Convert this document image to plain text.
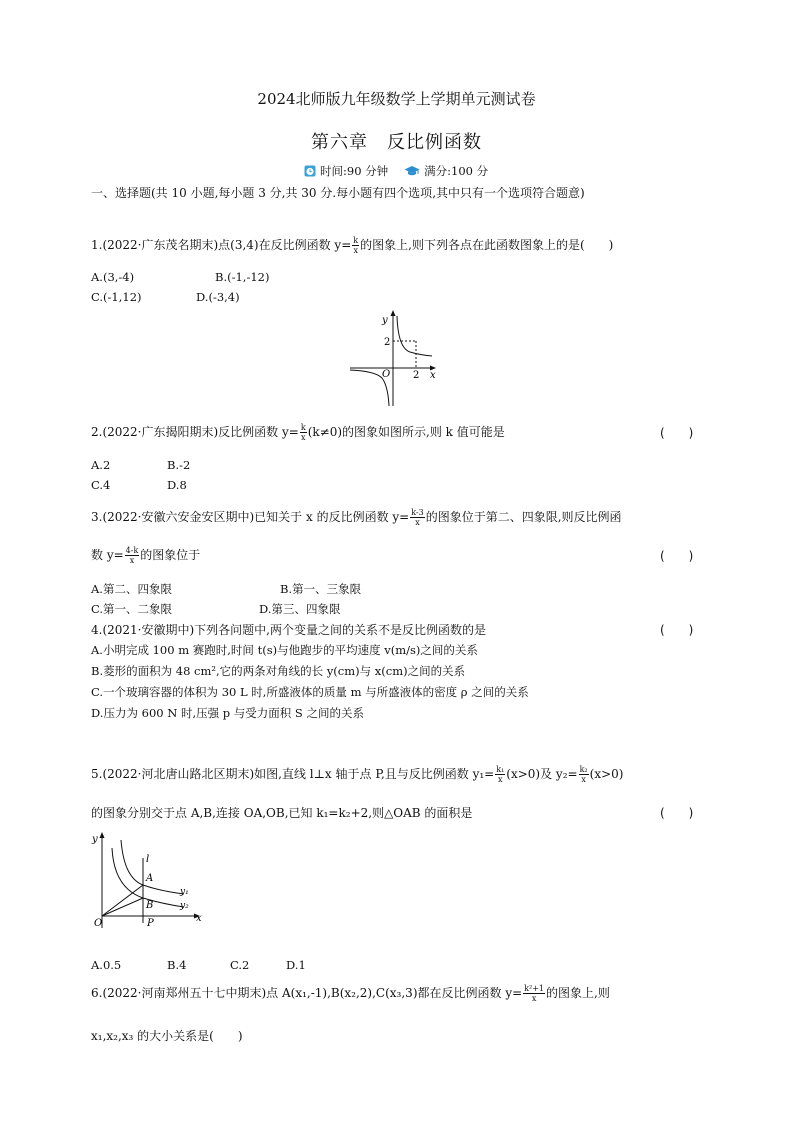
2024北师版九年级数学上学期单元测试卷
第六章　反比例函数
时间:90 分钟	满分:100 分
一、选择题(共 10 小题,每小题 3 分,共 30 分.每小题有四个选项,其中只有一个选项符合题意)
1.(2022·广东茂名期末)点(3,4)在反比例函数 $y= \frac{k}{x}$ 的图象上,则下列各点在此函数图象上的是(　　)
A.(3,-4)	B.(-1,-12)
C.(-1,12)	D.(-3,4)
y
2
O 2 x
2.(2022·广东揭阳期末)反比例函数 $y= \frac{k}{x} (k\ne 0)$的图象如图所示,则 k 值可能是	(　　)
A.2	B.-2
C.4	D.8
3.(2022·安徽六安金安区期中)已知关于 x 的反比例函数 $y= \frac{k-3}{x}$ 的图象位于第二、四象限,则反比例函
数 $y= \frac{4-k}{x}$ 的图象位于	(　　)
A.第二、四象限	B.第一、三象限
C.第一、二象限	D.第三、四象限
4.(2021·安徽期中)下列各问题中,两个变量之间的关系不是反比例函数的是	(　　)
A.小明完成 100 m 赛跑时,时间 t(s)与他跑步的平均速度 v(m/s)之间的关系
B.菱形的面积为 48 cm²,它的两条对角线的长 y(cm)与 x(cm)之间的关系
C.一个玻璃容器的体积为 30 L 时,所盛液体的质量 m 与所盛液体的密度 ρ 之间的关系
D.压力为 600 N 时,压强 p 与受力面积 S 之间的关系
5.(2022·河北唐山路北区期末)如图,直线 l⊥x 轴于点 P,且与反比例函数 $y_1= \frac{\text{k₁}}{x} (x>0)$及 $y_2= \frac{\text{k₂}}{x} (x>0)$
的图象分别交于点 A,B,连接 OA,OB,已知 k₁=k₂+2,则△OAB 的面积是	(　　)
y
l
A
B
y₁
y₂
O	P	x
A.0.5	B.4	C.2	D.1
6.(2022·河南郑州五十七中期末)点 A(x₁,-1),B(x₂,2),C(x₃,3)都在反比例函数 $y= \frac{\text{k²+1}}{x}$ 的图象上,则
x₁,x₂,x₃ 的大小关系是(　　)
